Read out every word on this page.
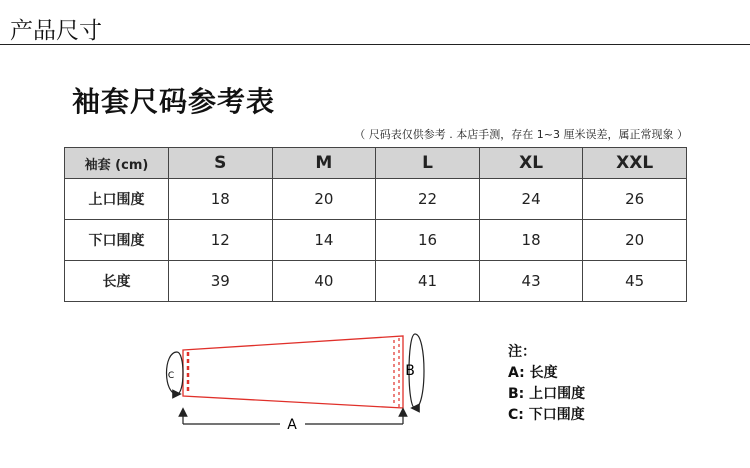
产品尺寸
袖套尺码参考表
（ 尺码表仅供参考 . 本店手测，存在 1~3 厘米误差，属正常现象 ）
袖套 (cm)	S	M	L	XL	XXL
上口围度	18	20	22	24	26
下口围度	12	14	16	18	20
长度	39	40	41	43	45
C	B
A
注：
A: 长度
B: 上口围度
C: 下口围度
